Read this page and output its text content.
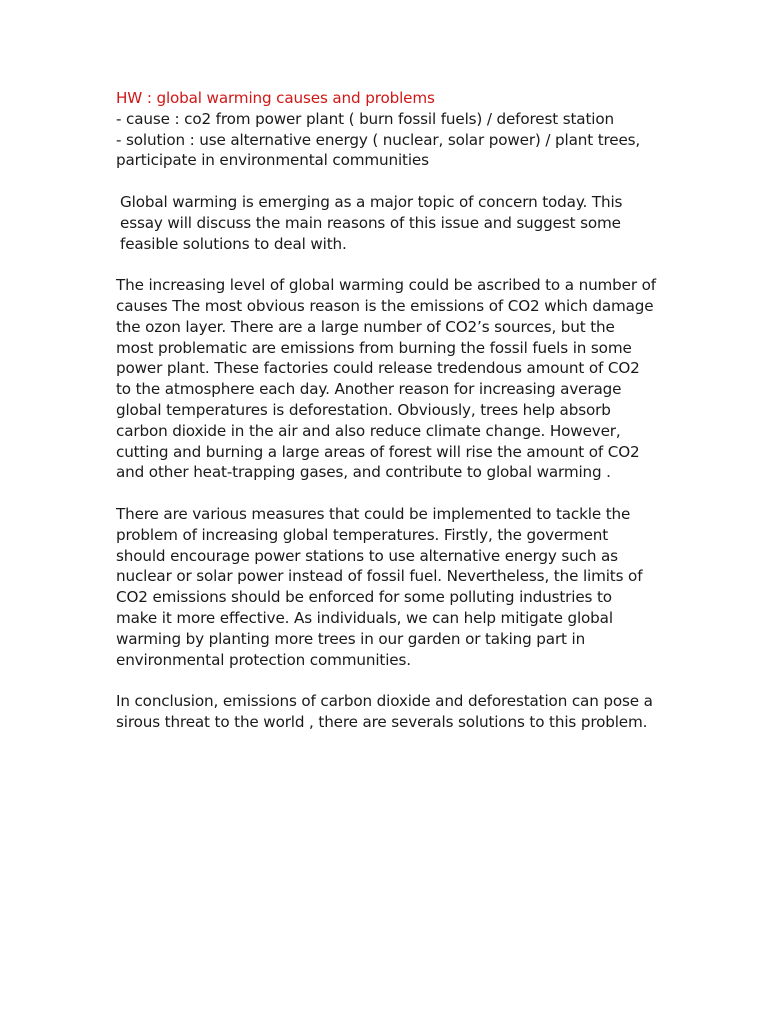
HW : global warming causes and problems

- cause : co2 from power plant ( burn fossil fuels) / deforest station

- solution : use alternative energy ( nuclear, solar power) / plant trees, participate in environmental communities

Global warming is emerging as a major topic of concern today. This essay will discuss the main reasons of this issue and suggest some feasible solutions to deal with.

The increasing level of global warming could be ascribed to a number of causes The most obvious reason is the emissions of CO2 which damage the ozon layer. There are a large number of CO2’s sources, but the most problematic are emissions from burning the fossil fuels in some power plant. These factories could release tredendous amount of CO2 to the atmosphere each day. Another reason for increasing average global temperatures is deforestation. Obviously, trees help absorb carbon dioxide in the air and also reduce climate change. However, cutting and burning a large areas of forest will rise the amount of CO2 and other heat-trapping gases, and contribute to global warming .

There are various measures that could be implemented to tackle the problem of increasing global temperatures. Firstly, the goverment should encourage power stations to use alternative energy such as nuclear or solar power instead of fossil fuel. Nevertheless, the limits of CO2 emissions should be enforced for some polluting industries to make it more effective. As individuals, we can help mitigate global warming by planting more trees in our garden or taking part in environmental protection communities.

In conclusion, emissions of carbon dioxide and deforestation can pose a sirous threat to the world , there are severals solutions to this problem.
